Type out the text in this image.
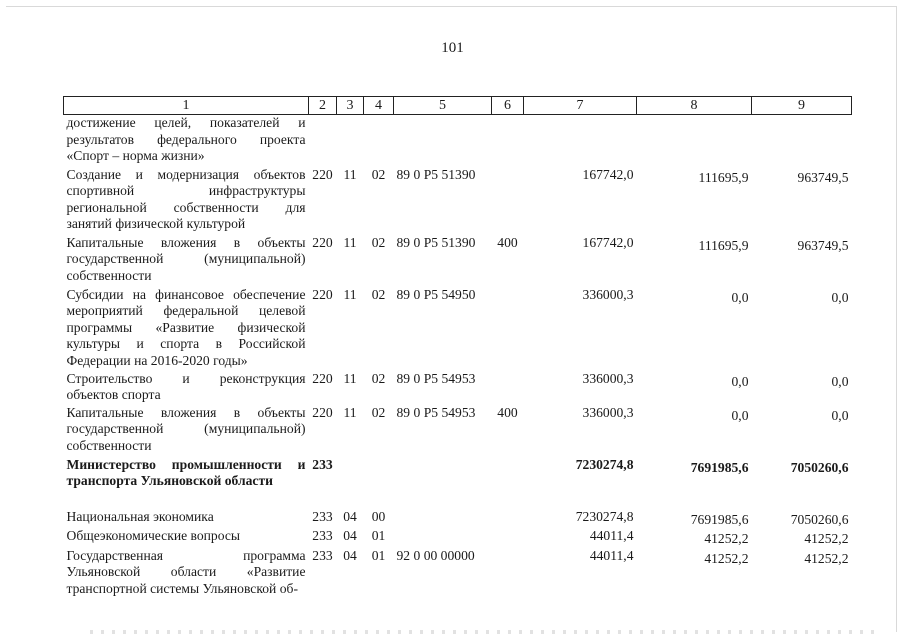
101
1	2	3	4	5	6	7	8	9
достижение целей, показателей и результатов федерального проекта «Спорт – норма жизни»								
Создание и модернизация объектов спортивной инфраструктуры региональной собственности для занятий физической культурой	220	11	02	89 0 Р5 51390		167742,0	111695,9	963749,5
Капитальные вложения в объекты государственной (муниципальной) собственности	220	11	02	89 0 Р5 51390	400	167742,0	111695,9	963749,5
Субсидии на финансовое обеспечение мероприятий федеральной целевой программы «Развитие физической культуры и спорта в Российской Федерации на 2016-2020 годы»	220	11	02	89 0 Р5 54950		336000,3	0,0	0,0
Строительство и реконструкция объектов спорта	220	11	02	89 0 Р5 54953		336000,3	0,0	0,0
Капитальные вложения в объекты государственной (муниципальной) собственности	220	11	02	89 0 Р5 54953	400	336000,3	0,0	0,0
Министерство промышленности и транспорта Ульяновской области	233					7230274,8	7691985,6	7050260,6
Национальная экономика	233	04	00			7230274,8	7691985,6	7050260,6
Общеэкономические вопросы	233	04	01			44011,4	41252,2	41252,2
Государственная программа Ульяновской области «Развитие транспортной системы Ульяновской об-	233	04	01	92 0 00 00000		44011,4	41252,2	41252,2
